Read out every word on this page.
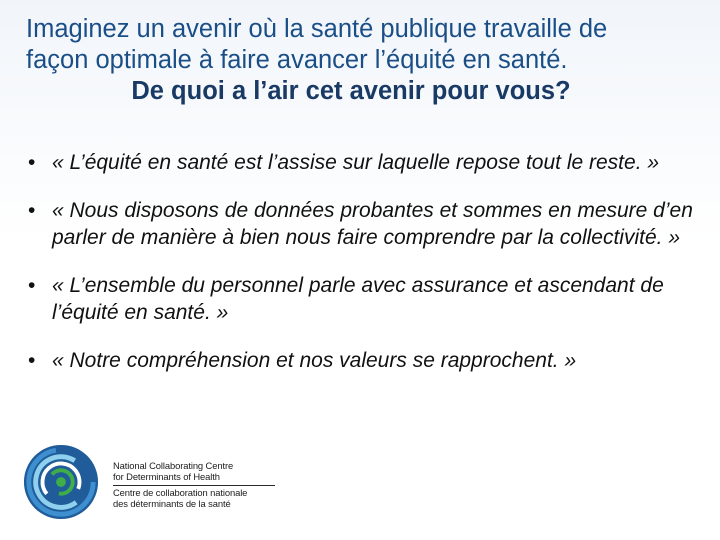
Imaginez un avenir où la santé publique travaille de
façon optimale à faire avancer l’équité en santé.
De quoi a l’air cet avenir pour vous?
• « L’équité en santé est l’assise sur laquelle repose tout le reste. »
• « Nous disposons de données probantes et sommes en mesure d’en parler de manière à bien nous faire comprendre par la collectivité. »
• « L’ensemble du personnel parle avec assurance et ascendant de l’équité en santé. »
• « Notre compréhension et nos valeurs se rapprochent. »
National Collaborating Centre
for Determinants of Health
Centre de collaboration nationale
des déterminants de la santé
